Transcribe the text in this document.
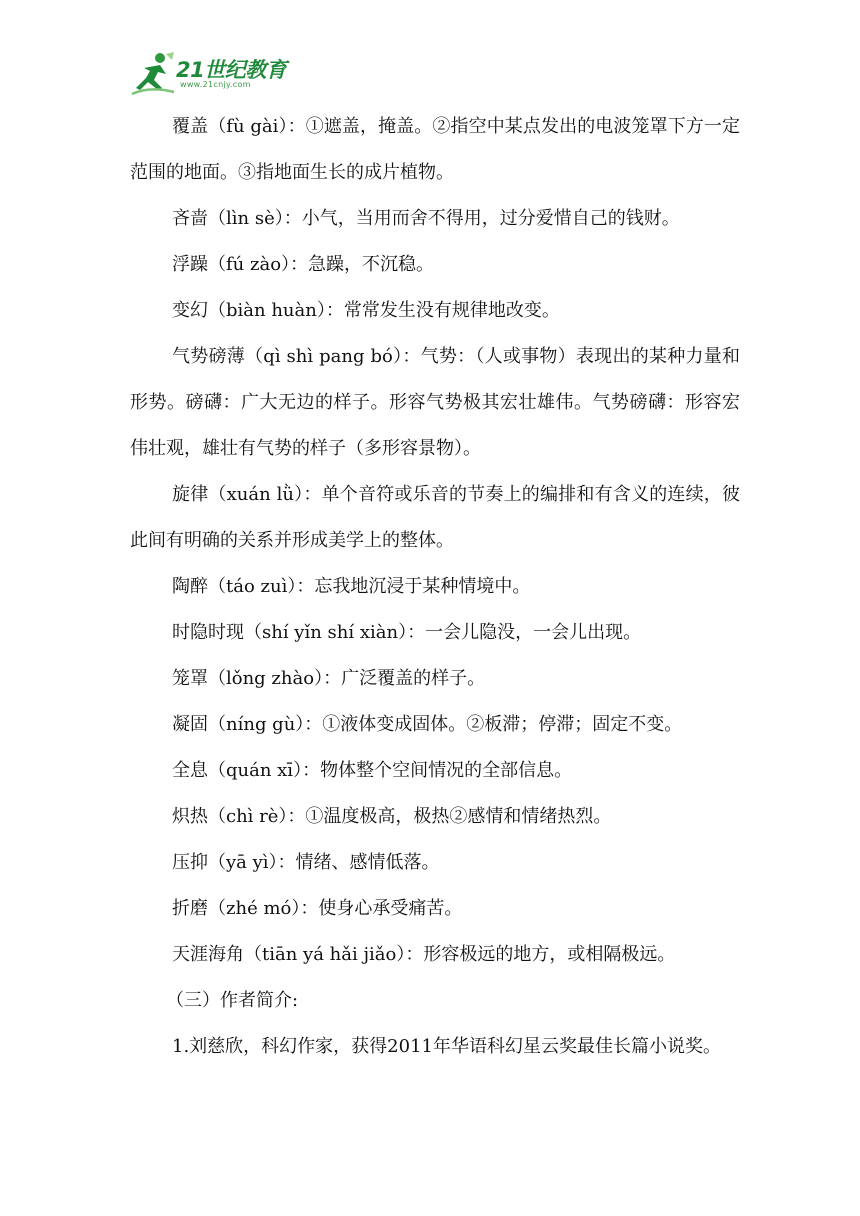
21世纪教育
www.21cnjy.com

覆盖（fù gài）：①遮盖，掩盖。②指空中某点发出的电波笼罩下方一定范围的地面。③指地面生长的成片植物。

吝啬（lìn sè）：小气，当用而舍不得用，过分爱惜自己的钱财。

浮躁（fú zào）：急躁，不沉稳。

变幻（biàn huàn）：常常发生没有规律地改变。

气势磅薄（qì shì pang bó）：气势：（人或事物）表现出的某种力量和形势。磅礴：广大无边的样子。形容气势极其宏壮雄伟。气势磅礴：形容宏伟壮观，雄壮有气势的样子（多形容景物）。

旋律（xuán lǜ）：单个音符或乐音的节奏上的编排和有含义的连续，彼此间有明确的关系并形成美学上的整体。

陶醉（táo zuì）：忘我地沉浸于某种情境中。

时隐时现（shí yǐn shí xiàn）：一会儿隐没，一会儿出现。

笼罩（lǒng zhào）：广泛覆盖的样子。

凝固（níng gù）：①液体变成固体。②板滞；停滞；固定不变。

全息（quán xī）：物体整个空间情况的全部信息。

炽热（chì rè）：①温度极高，极热②感情和情绪热烈。

压抑（yā yì）：情绪、感情低落。

折磨（zhé mó）：使身心承受痛苦。

天涯海角（tiān yá hǎi jiǎo）：形容极远的地方，或相隔极远。

（三）作者简介:

1.刘慈欣，科幻作家，获得2011年华语科幻星云奖最佳长篇小说奖。
